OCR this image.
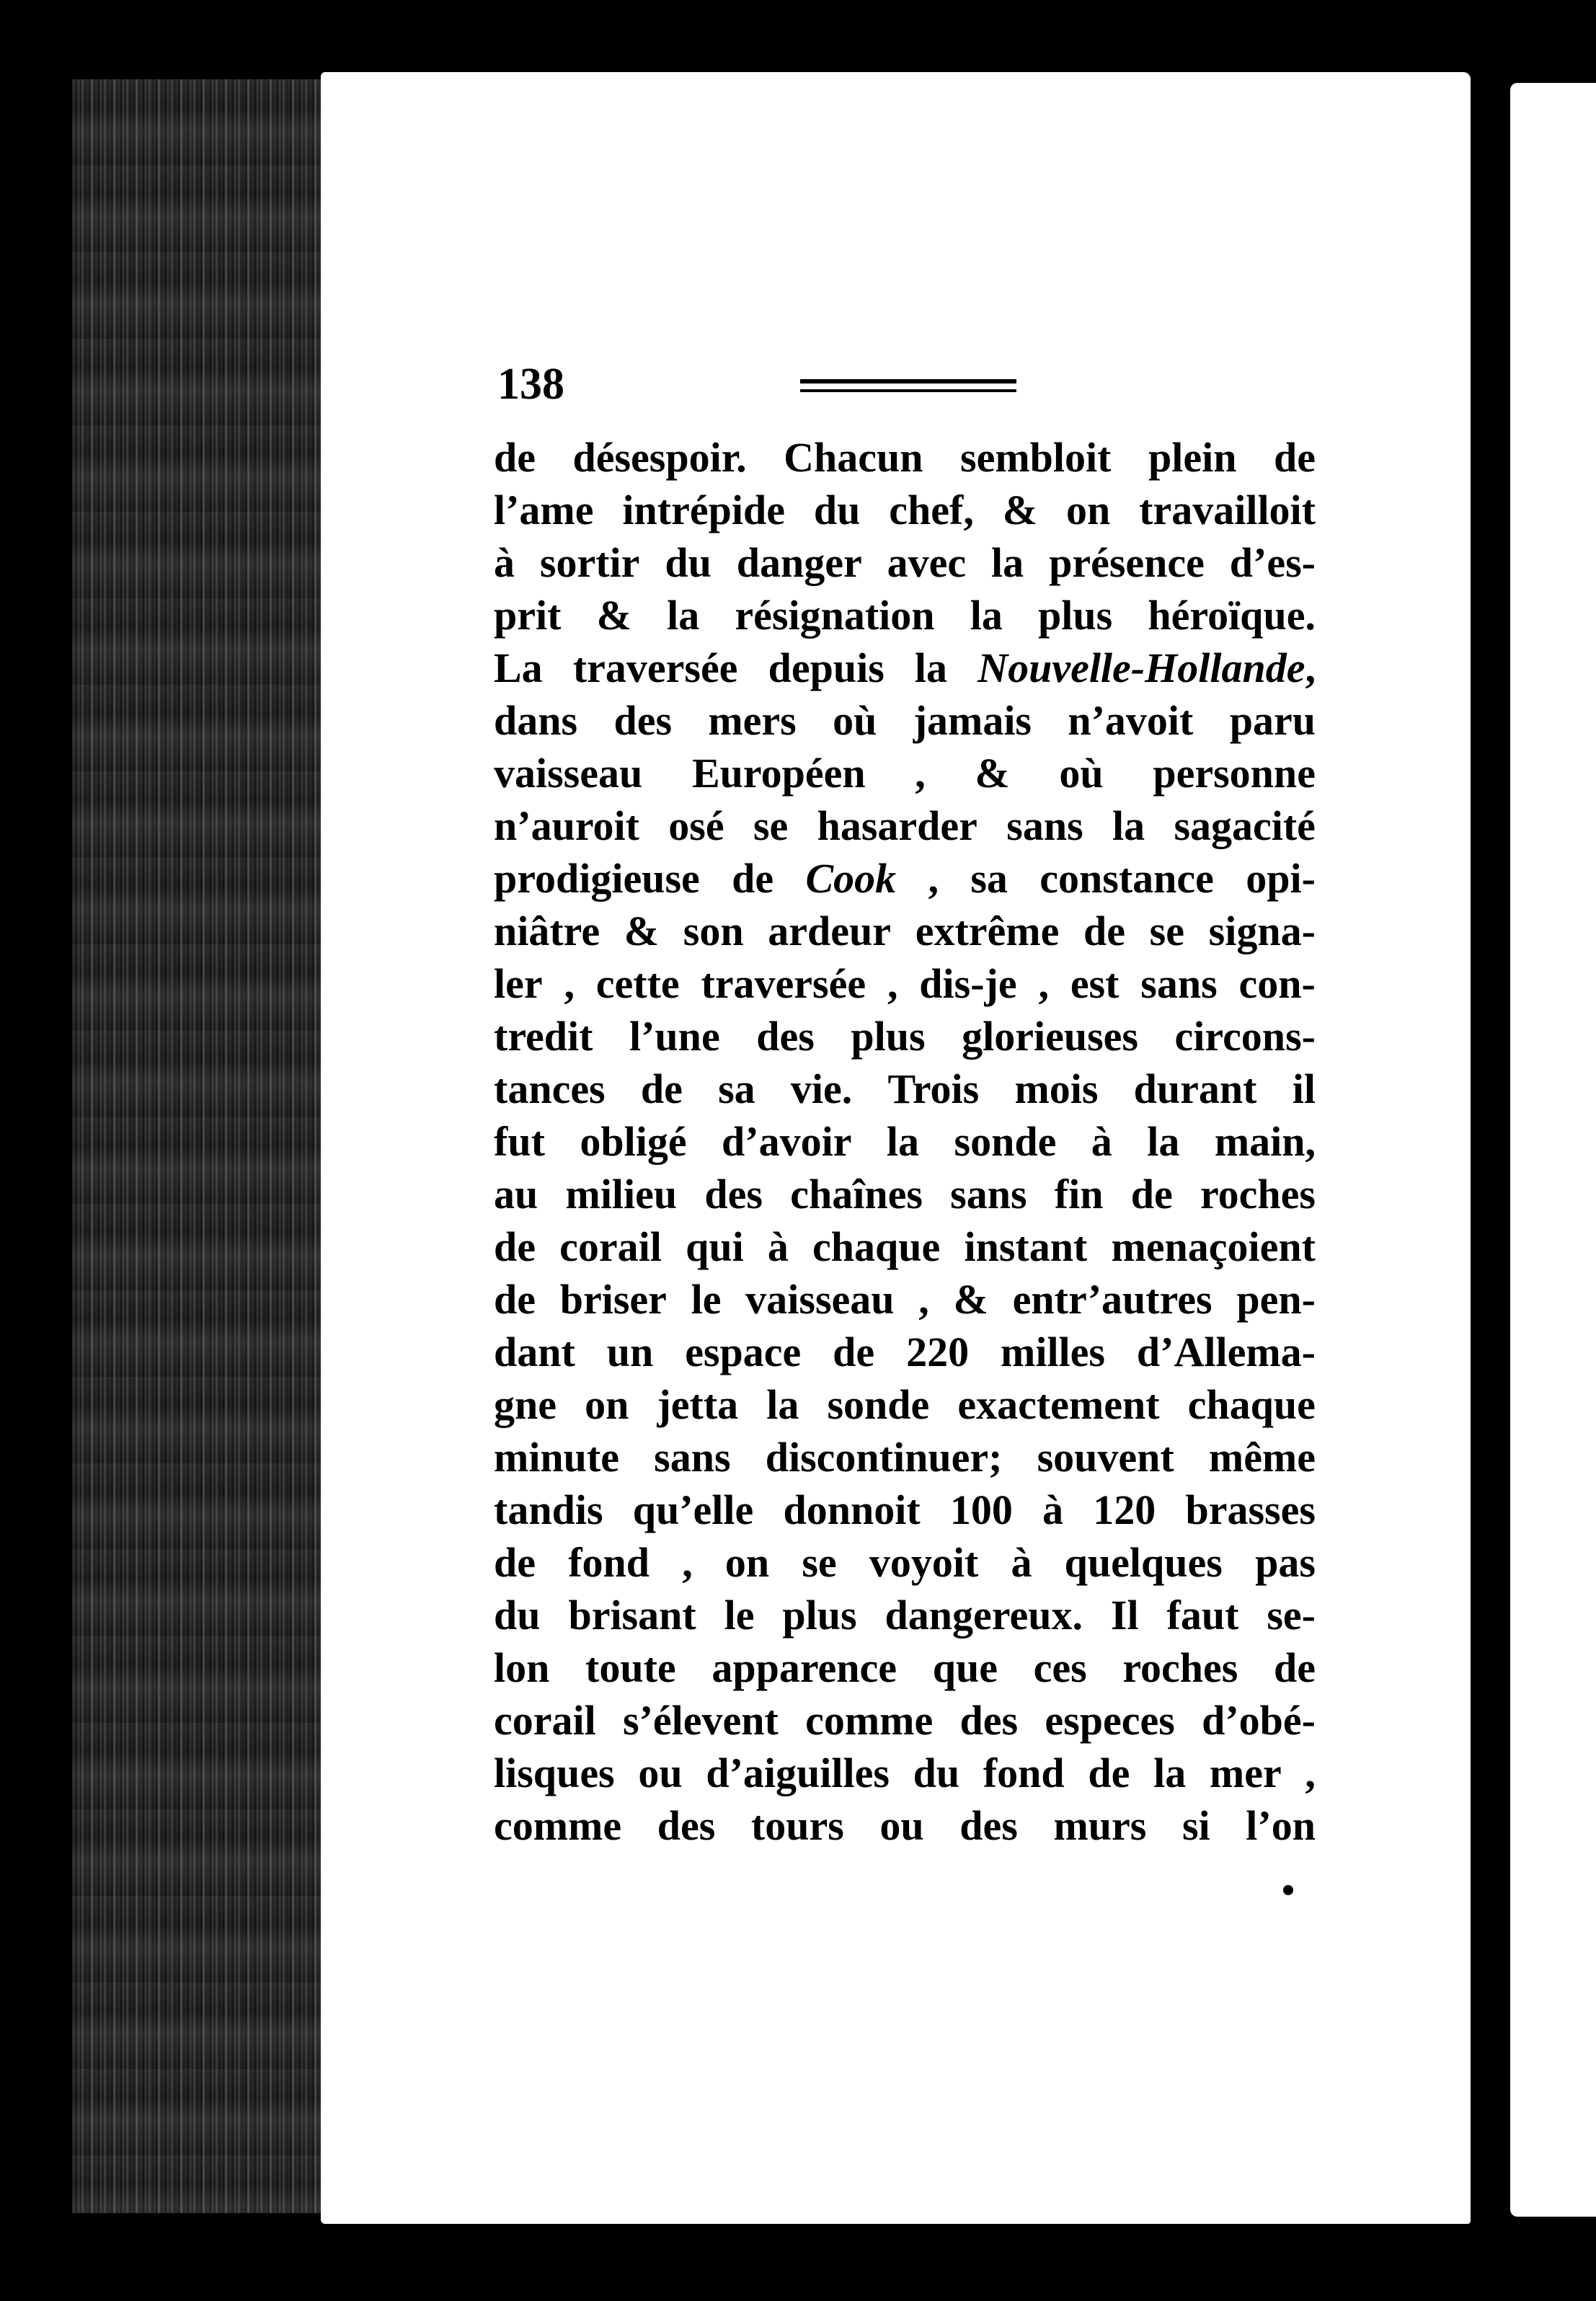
138
de désespoir. Chacun sembloit plein de
l’ame intrépide du chef, & on travailloit
à sortir du danger avec la présence d’es-
prit & la résignation la plus héroïque.
La traversée depuis la Nouvelle-Hollande,
dans des mers où jamais n’avoit paru
vaisseau Européen , & où personne
n’auroit osé se hasarder sans la sagacité
prodigieuse de Cook , sa constance opi-
niâtre & son ardeur extrême de se signa-
ler , cette traversée , dis-je , est sans con-
tredit l’une des plus glorieuses circons-
tances de sa vie. Trois mois durant il
fut obligé d’avoir la sonde à la main,
au milieu des chaînes sans fin de roches
de corail qui à chaque instant menaçoient
de briser le vaisseau , & entr’autres pen-
dant un espace de 220 milles d’Allema-
gne on jetta la sonde exactement chaque
minute sans discontinuer; souvent même
tandis qu’elle donnoit 100 à 120 brasses
de fond , on se voyoit à quelques pas
du brisant le plus dangereux. Il faut se-
lon toute apparence que ces roches de
corail s’élevent comme des especes d’obé-
lisques ou d’aiguilles du fond de la mer ,
comme des tours ou des murs si l’on
